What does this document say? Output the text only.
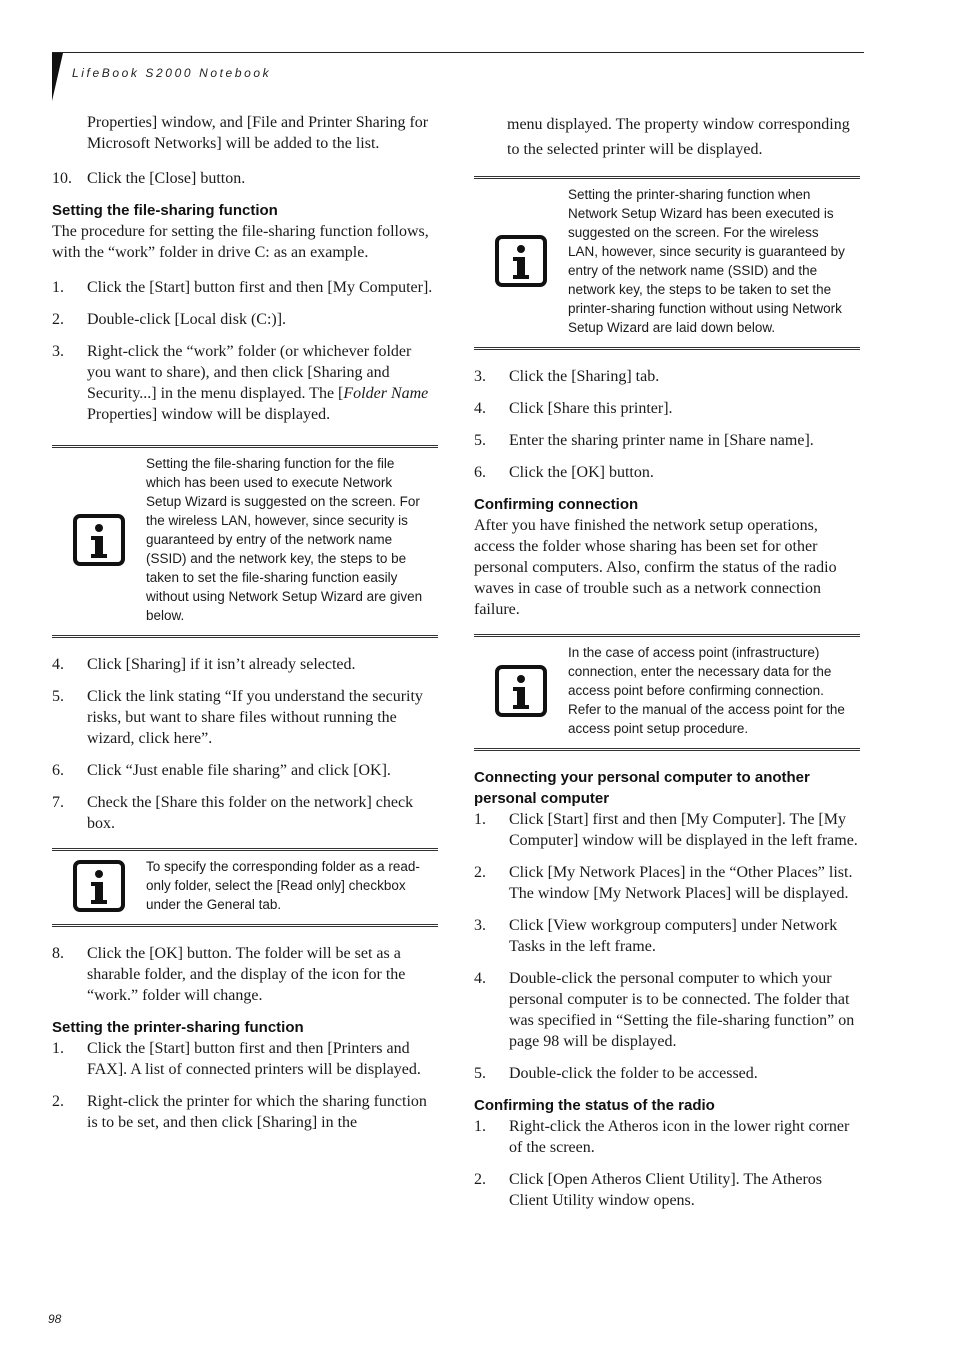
LifeBook S2000 Notebook

Properties] window, and [File and Printer Sharing for Microsoft Networks] will be added to the list.

10. Click the [Close] button.
Setting the file-sharing function

The procedure for setting the file-sharing function follows, with the “work” folder in drive C: as an example.

1.	Click the [Start] button first and then [My Computer].
2.	Double-click [Local disk (C:)].
3.	Right-click the “work” folder (or whichever folder you want to share), and then click [Sharing and Security...] in the menu displayed. The [Folder Name Properties] window will be displayed.
Setting the file-sharing function for the file which has been used to execute Network Setup Wizard is suggested on the screen. For the wireless LAN, however, since security is guaranteed by entry of the network name (SSID) and the network key, the steps to be taken to set the file-sharing function easily without using Network Setup Wizard are given below.
4.	Click [Sharing] if it isn’t already selected.
5.	Click the link stating “If you understand the security risks, but want to share files without running the wizard, click here”.
6.	Click “Just enable file sharing” and click [OK].
7.	Check the [Share this folder on the network] check box.
To specify the corresponding folder as a read-only folder, select the [Read only] checkbox under the General tab.
8.	Click the [OK] button. The folder will be set as a sharable folder, and the display of the icon for the “work.” folder will change.
Setting the printer-sharing function
1.	Click the [Start] button first and then [Printers and FAX]. A list of connected printers will be displayed.
2.	Right-click the printer for which the sharing function is to be set, and then click [Sharing] in the

menu displayed. The property window corresponding to the selected printer will be displayed.

Setting the printer-sharing function when Network Setup Wizard has been executed is suggested on the screen. For the wireless LAN, however, since security is guaranteed by entry of the network name (SSID) and the network key, the steps to be taken to set the printer-sharing function without using Network Setup Wizard are laid down below.
3.	Click the [Sharing] tab.
4.	Click [Share this printer].
5.	Enter the sharing printer name in [Share name].
6.	Click the [OK] button.
Confirming connection

After you have finished the network setup operations, access the folder whose sharing has been set for other personal computers. Also, confirm the status of the radio waves in case of trouble such as a network connection failure.

In the case of access point (infrastructure) connection, enter the necessary data for the access point before confirming connection. Refer to the manual of the access point for the access point setup procedure.
Connecting your personal computer to another personal computer
1.	Click [Start] first and then [My Computer]. The [My Computer] window will be displayed in the left frame.
2.	Click [My Network Places] in the “Other Places” list. The window [My Network Places] will be displayed.
3.	Click [View workgroup computers] under Network Tasks in the left frame.
4.	Double-click the personal computer to which your personal computer is to be connected. The folder that was specified in “Setting the file-sharing function” on page 98 will be displayed.
5.	Double-click the folder to be accessed.
Confirming the status of the radio
1.	Right-click the Atheros icon in the lower right corner of the screen.
2.	Click [Open Atheros Client Utility]. The Atheros Client Utility window opens.
98
